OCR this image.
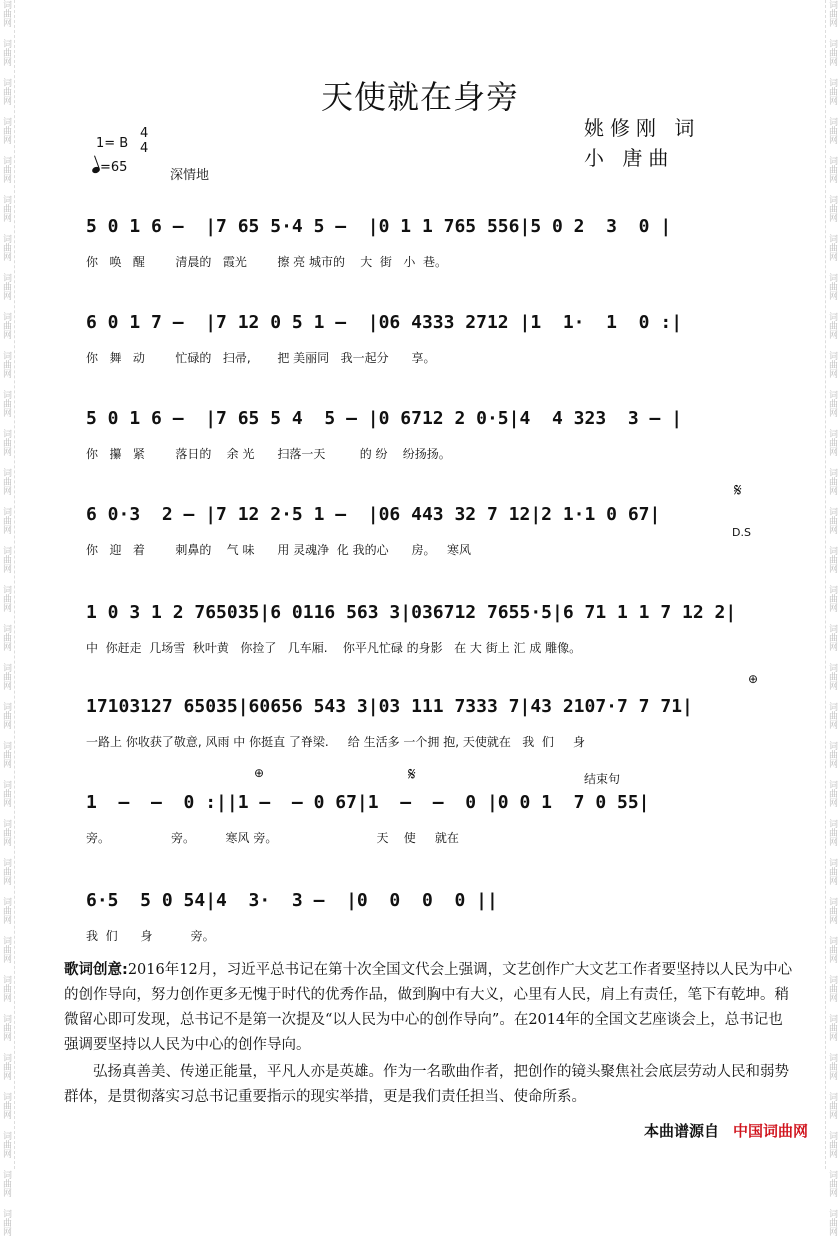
词曲网
词曲网
词曲网
词曲网
词曲网
词曲网
词曲网
词曲网
词曲网
词曲网
词曲网
词曲网
词曲网
词曲网
词曲网
词曲网
词曲网
词曲网
词曲网
词曲网
词曲网
词曲网
词曲网
词曲网
词曲网
词曲网
词曲网
词曲网
词曲网
词曲网
词曲网
词曲网
词曲网
词曲网
词曲网
词曲网
词曲网
词曲网
词曲网
词曲网
词曲网
词曲网
词曲网
词曲网
词曲网
词曲网
词曲网
词曲网
词曲网
词曲网
词曲网
词曲网
词曲网
词曲网
词曲网
词曲网
词曲网
词曲网
词曲网
词曲网
词曲网
词曲网
词曲网
词曲网
天使就在身旁
姚修刚 词
小 唐曲
1= B
4
4
=65
深情地
5 0 1 6 –  |7 65 5·4 5 –  |0 1 1 765 556|5 0 2  3  0 |
你   唤   醒        清晨的   霞光        擦 亮 城市的    大  街   小  巷。
6 0 1 7 –  |7 12 0 5 1 –  |06 4333 2712 |1  1·  1  0 :|
你   舞   动        忙碌的   扫帚,       把 美丽同   我一起分      享。
5 0 1 6 –  |7 65 5 4  5 – |0 6712 2 0·5|4  4 323  3 – |
你   攥   紧        落日的    余 光      扫落一天         的 纷    纷扬扬。
6 0·3  2 – |7 12 2·5 1 –  |06 443 32 7 12|2 1·1 0 67|
你   迎   着        刺鼻的    气 味      用 灵魂净  化 我的心      房。   寒风
1 0 3 1 2 765035|6 0116 563 3|036712 7655·5|6 71 1 1 7 12 2|
中  你赶走  几场雪  秋叶黄   你捡了   几车厢.    你平凡忙碌 的身影   在 大 街上 汇 成 雕像。
17103127 65035|60656 543 3|03 111 7333 7|43 2107·7 7 71|
一路上 你收获了敬意, 风雨 中 你挺直 了脊梁.     给 生活多 一个拥 抱, 天使就在   我  们     身
1  –  –  0 :||1 –  – 0 67|1  –  –  0 |0 0 1  7 0 55|
旁。                旁。        寒风 旁。                          天    使     就在
6·5  5 0 54|4  3·  3 –  |0  0  0  0 ||
我  们      身          旁。
𝄋
D.S
⊕
⊕	𝄋	结束句

歌词创意:2016年12月，习近平总书记在第十次全国文代会上强调，文艺创作广大文艺工作者要坚持以人民为中心的创作导向，努力创作更多无愧于时代的优秀作品，做到胸中有大义，心里有人民，肩上有责任，笔下有乾坤。稍微留心即可发现，总书记不是第一次提及“以人民为中心的创作导向”。在2014年的全国文艺座谈会上，总书记也强调要坚持以人民为中心的创作导向。

弘扬真善美、传递正能量，平凡人亦是英雄。作为一名歌曲作者，把创作的镜头聚焦社会底层劳动人民和弱势群体，是贯彻落实习总书记重要指示的现实举措，更是我们责任担当、使命所系。

本曲谱源自 中国词曲网
